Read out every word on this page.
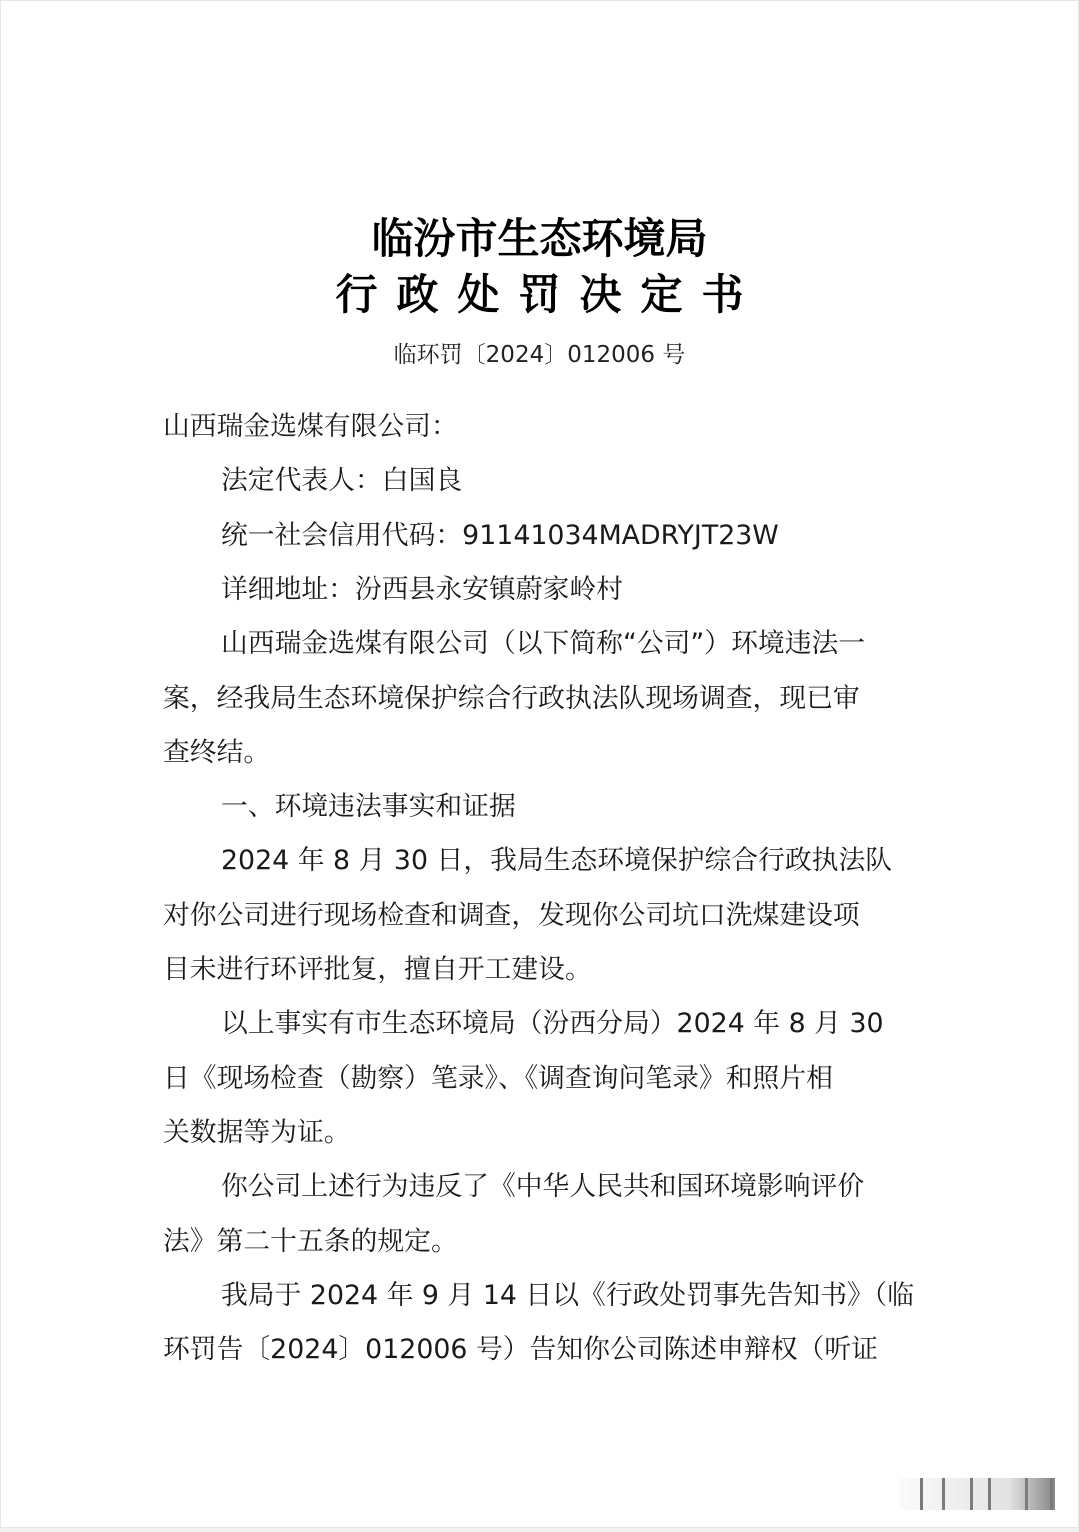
临汾市生态环境局
行政处罚决定书
临环罚〔2024〕012006 号
山西瑞金选煤有限公司：
法定代表人：白国良
统一社会信用代码：91141034MADRYJT23W
详细地址：汾西县永安镇蔚家岭村
山西瑞金选煤有限公司（以下简称“公司”）环境违法一
案，经我局生态环境保护综合行政执法队现场调查，现已审
查终结。
一、环境违法事实和证据
2024 年 8 月 30 日，我局生态环境保护综合行政执法队
对你公司进行现场检查和调查，发现你公司坑口洗煤建设项
目未进行环评批复，擅自开工建设。
以上事实有市生态环境局（汾西分局）2024 年 8 月 30
日《现场检查（勘察）笔录》、《调查询问笔录》和照片相
关数据等为证。
你公司上述行为违反了《中华人民共和国环境影响评价
法》第二十五条的规定。
我局于 2024 年 9 月 14 日以《行政处罚事先告知书》（临
环罚告〔2024〕012006 号）告知你公司陈述申辩权（听证
